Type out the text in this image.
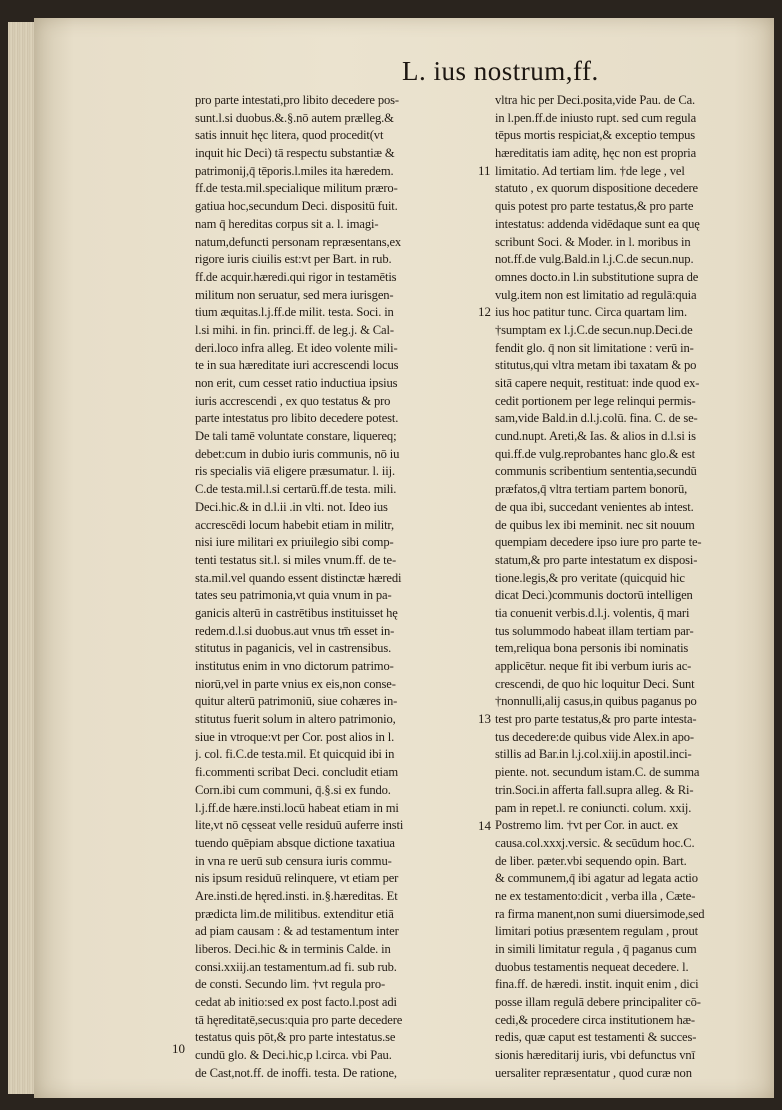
L. ius nostrum,ff.
pro parte intestati,pro libito decedere pos-
sunt.l.si duobus.&.§.nō autem prælleg.&
satis innuit hęc litera, quod procedit(vt
inquit hic Deci) tā respectu substantiæ &
patrimonij,q̄ tēporis.l.miles ita hæredem.
ff.de testa.mil.specialique militum præro-
gatiua hoc,secundum Deci. dispositū fuit.
nam q̄ hereditas corpus sit a. l. imagi-
natum,defuncti personam repræsentans,ex
rigore iuris ciuilis est:vt per Bart. in rub.
ff.de acquir.hæredi.qui rigor in testamētis
militum non seruatur, sed mera iurisgen-
tium æquitas.l.j.ff.de milit. testa. Soci. in
l.si mihi. in fin. princi.ff. de leg.j. & Cal-
deri.loco infra alleg. Et ideo volente mili-
te in sua hæreditate iuri accrescendi locus
non erit, cum cesset ratio inductiua ipsius
iuris accrescendi , ex quo testatus & pro
parte intestatus pro libito decedere potest.
De tali tamē voluntate constare, liquereq;
debet:cum in dubio iuris communis, nō iu
ris specialis viā eligere præsumatur. l. iij.
C.de testa.mil.l.si certarū.ff.de testa. mili.
Deci.hic.& in d.l.ii .in vlti. not. Ideo ius
accrescēdi locum habebit etiam in militr,
nisi iure militari ex priuilegio sibi comp-
tenti testatus sit.l. si miles vnum.ff. de te-
sta.mil.vel quando essent distinctæ hæredi
tates seu patrimonia,vt quia vnum in pa-
ganicis alterū in castrētibus instituisset hę
redem.d.l.si duobus.aut vnus tm̄ esset in-
stitutus in paganicis, vel in castrensibus.
institutus enim in vno dictorum patrimo-
niorū,vel in parte vnius ex eis,non conse-
quitur alterū patrimoniū, siue cohæres in-
stitutus fuerit solum in altero patrimonio,
siue in vtroque:vt per Cor. post alios in l.
j. col. fi.C.de testa.mil. Et quicquid ibi in
fi.commenti scribat Deci. concludit etiam
Corn.ibi cum communi, q̄.§.si ex fundo.
l.j.ff.de hære.insti.locū habeat etiam in mi
lite,vt nō cęsseat velle residuū auferre insti
tuendo quēpiam absque dictione taxatiua
in vna re uerū sub censura iuris commu-
nis ipsum residuū relinquere, vt etiam per
Are.insti.de hęred.insti. in.§.hæreditas. Et
prædicta lim.de militibus. extenditur etiā
ad piam causam : & ad testamentum inter
liberos. Deci.hic & in terminis Calde. in
consi.xxiij.an testamentum.ad fi. sub rub.
de consti. Secundo lim. †vt regula pro-
cedat ab initio:sed ex post facto.l.post adi
tā hęreditatē,secus:quia pro parte decedere
testatus quis pōt,& pro parte intestatus.se
cundū glo. & Deci.hic,p l.circa. vbi Pau.
de Cast,not.ff. de inoffi. testa. De ratione,
vltra hic per Deci.posita,vide Pau. de Ca.
in l.pen.ff.de iniusto rupt. sed cum regula
tēpus mortis respiciat,& exceptio tempus
hæreditatis iam aditę, hęc non est propria
limitatio. Ad tertiam lim. †de lege , vel
statuto , ex quorum dispositione decedere
quis potest pro parte testatus,& pro parte
intestatus: addenda vidēdaque sunt ea quę
scribunt Soci. & Moder. in l. moribus in
not.ff.de vulg.Bald.in l.j.C.de secun.nup.
omnes docto.in l.in substitutione supra de
vulg.item non est limitatio ad regulā:quia
ius hoc patitur tunc. Circa quartam lim.
†sumptam ex l.j.C.de secun.nup.Deci.de
fendit glo. q̄ non sit limitatione : verū in-
stitutus,qui vltra metam ibi taxatam & po
sitā capere nequit, restituat: inde quod ex-
cedit portionem per lege relinqui permis-
sam,vide Bald.in d.l.j.colū. fina. C. de se-
cund.nupt. Areti,& Ias. & alios in d.l.si is
qui.ff.de vulg.reprobantes hanc glo.& est
communis scribentium sententia,secundū
præfatos,q̄ vltra tertiam partem bonorū,
de qua ibi, succedant venientes ab intest.
de quibus lex ibi meminit. nec sit nouum
quempiam decedere ipso iure pro parte te-
statum,& pro parte intestatum ex disposi-
tione.legis,& pro veritate (quicquid hic
dicat Deci.)communis doctorū intelligen
tia conuenit verbis.d.l.j. volentis, q̄ mari
tus solummodo habeat illam tertiam par-
tem,reliqua bona personis ibi nominatis
applicētur. neque fit ibi verbum iuris ac-
crescendi, de quo hic loquitur Deci. Sunt
†nonnulli,alij casus,in quibus paganus po
test pro parte testatus,& pro parte intesta-
tus decedere:de quibus vide Alex.in apo-
stillis ad Bar.in l.j.col.xiij.in apostil.inci-
piente. not. secundum istam.C. de summa
trin.Soci.in afferta fall.supra alleg. & Ri-
pam in repet.l. re coniuncti. colum. xxij.
Postremo lim. †vt per Cor. in auct. ex
causa.col.xxxj.versic. & secūdum hoc.C.
de liber. pæter.vbi sequendo opin. Bart.
& communem,q̄ ibi agatur ad legata actio
ne ex testamento:dicit , verba illa , Cæte-
ra firma manent,non sumi diuersimode,sed
limitari potius præsentem regulam , prout
in simili limitatur regula , q̄ paganus cum
duobus testamentis nequeat decedere. l.
fina.ff. de hæredi. instit. inquit enim , dici
posse illam regulā debere principaliter cō-
cedi,& procedere circa institutionem hæ-
redis, quæ caput est testamenti & succes-
sionis hæreditarij iuris, vbi defunctus vnī
uersaliter repræsentatur , quod curæ non
10
11
12
13
14
